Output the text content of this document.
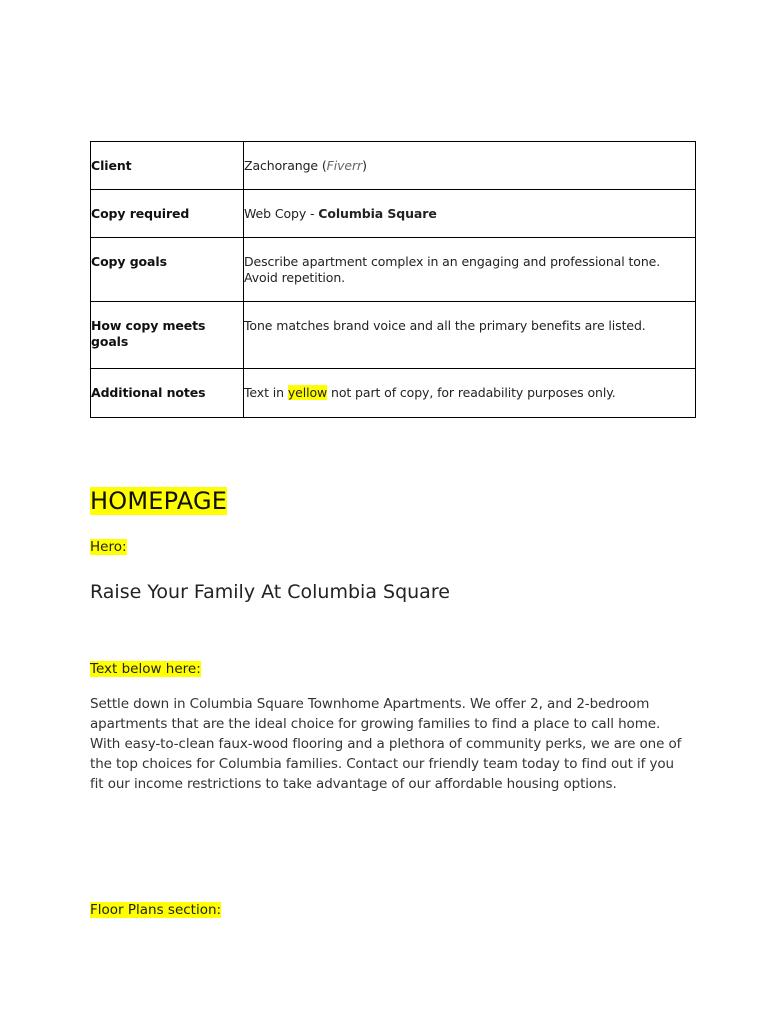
Client	Zachorange (Fiverr)
Copy required	Web Copy - Columbia Square
Copy goals	Describe apartment complex in an engaging and professional tone. Avoid repetition.
How copy meets goals	Tone matches brand voice and all the primary benefits are listed.
Additional notes	Text in yellow not part of copy, for readability purposes only.
HOMEPAGE
Hero:
Raise Your Family At Columbia Square
Text below here:
Settle down in Columbia Square Townhome Apartments. We offer 2, and 2-bedroom apartments that are the ideal choice for growing families to find a place to call home. With easy-to-clean faux-wood flooring and a plethora of community perks, we are one of the top choices for Columbia families. Contact our friendly team today to find out if you fit our income restrictions to take advantage of our affordable housing options.
Floor Plans section:
